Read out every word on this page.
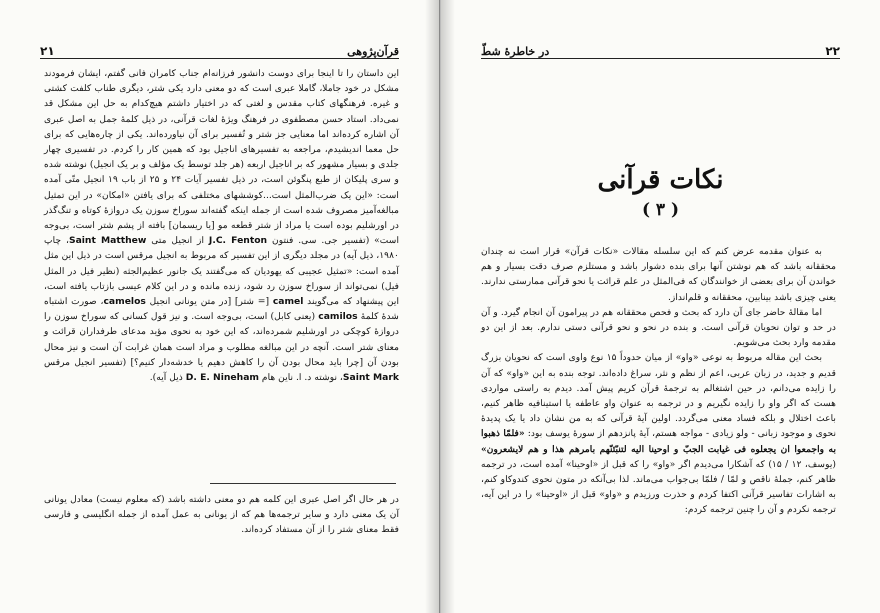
۲۱	قرآن‌پژوهی

این داستان را تا اینجا برای دوست دانشور فرزانه‌ام جناب کامران فانی گفتم، ایشان فرمودند مشکل در خود جاملا، گاملا عبری است که دو معنی دارد یکی شتر، دیگری طناب کلفت کشتی و غیره. فرهنگهای کتاب مقدس و لغتی که در اختیار داشتم هیچ‌کدام به حل این مشکل قد نمی‌داد. استاد حسن مصطفوی در فرهنگ ویژهٔ لغات قرآنی، در ذیل کلمهٔ جمل به اصل عبری آن اشاره کرده‌اند اما معنایی جز شتر و تُفسیر برای آن نیاورده‌اند. یکی از چاره‌هایی که برای حل معما اندیشیدم، مراجعه به تفسیرهای اناجیل بود که همین کار را کردم. در تفسیری چهار جلدی و بسیار مشهور که بر اناجیل اربعه (هر جلد توسط یک مؤلف و بر یک انجیل) نوشته شده و سری پلیکان از طبع پنگوئن است، در ذیل تفسیر آیات ۲۴ و ۲۵ از باب ۱۹ انجیل متّی آمده است: «این یک ضرب‌المثل است...کوششهای مختلفی که برای یافتن «امکان» در این تمثیل مبالغه‌آمیز مصروف شده است از جمله اینکه گفته‌اند سوراخ سوزن یک دروازهٔ کوتاه و تنگ‌گذر در اورشلیم بوده است یا مراد از شتر قطعه مو [یا ریسمان] بافته از پشم شتر است، بی‌وجه است» (تفسیر جی. سی. فنتون J.C. Fenton از انجیل متی Saint Matthew، چاپ ۱۹۸۰، ذیل آیه) در مجلد دیگری از این تفسیر که مربوط به انجیل مرقس است در ذیل این مثل آمده است: «تمثیل عجیبی که یهودیان که می‌گفتند یک جانور عظیم‌الجثه (نظیر فیل در المثل فیل) نمی‌تواند از سوراخ سوزن رد شود، زنده مانده و در این کلام عیسی بازتاب یافته است، این پیشنهاد که می‌گویند camel [= شتر] [در متن یونانی انجیل camelos، صورت اشتباه شدهٔ کلمهٔ camilos (یعنی کابل) است، بی‌وجه است. و نیز قول کسانی که سوراخ سوزن را دروازهٔ کوچکی در اورشلیم شمرده‌اند، که این خود به نحوی مؤید مدعای طرفداران قرائت و معنای شتر است. آنچه در این مبالغه مطلوب و مراد است همان غرابت آن است و نیز محال بودن آن [چرا باید محال بودن آن را کاهش دهیم یا خدشه‌دار کنیم؟] (تفسیر انجیل مرقس Saint Mark، نوشته د. ا. ناین هام D. E. Nineham ذیل آیه).

در هر حال اگر اصل عبری این کلمه هم دو معنی داشته باشد (که معلوم نیست) معادل یونانی آن یک معنی دارد و سایر ترجمه‌ها هم که از یونانی به عمل آمده از جمله انگلیسی و فارسی فقط معنای شتر را از آن مستفاد کرده‌اند.

در خاطرهٔ شطّ	۲۲
نکات قرآنی
( ۳ )

به عنوان مقدمه عرض کنم که این سلسله مقالات «نکات قرآن» قرار است نه چندان محققانه باشد که هم نوشتن آنها برای بنده دشوار باشد و مستلزم صرف دقت بسیار و هم خواندن آن برای بعضی از خوانندگان که فی‌المثل در علم قرائت یا نحو قرآنی ممارستی ندارند. یعنی چیزی باشد بینابین، محققانه و قلم‌انداز.

اما مقالهٔ حاضر جای آن دارد که بحث و فحص محققانه هم در پیرامون آن انجام گیرد. و آن در حد و توان نحویان قرآنی است. و بنده در نحو و نحو قرآنی دستی ندارم. بعد از این دو مقدمه وارد بحث می‌شویم.

بحث این مقاله مربوط به نوعی «واو» از میان حدوداً ۱۵ نوع واوی است که نحویان بزرگ قدیم و جدید، در زبان عربی، اعم از نظم و نثر، سراغ داده‌اند. توجه بنده به این «واو» که آن را زایده می‌دانم، در حین اشتغالم به ترجمهٔ قرآن کریم پیش آمد. دیدم به راستی مواردی هست که اگر واو را زایده نگیریم و در ترجمه به عنوان واو عاطفه یا استینافیه ظاهر کنیم، باعث اختلال و بلکه فساد معنی می‌گردد. اولین آیهٔ قرآنی که به من نشان داد یا یک پدیدهٔ نحوی و موجود زبانی - ولو زیادی - مواجه هستم، آیهٔ پانزدهم از سورهٔ یوسف بود: «فلمّا ذهبوا به واجمعوا ان یجعلوه فی غیابت الجبّ و اوحینا الیه لتنبّئنّهم بامرهم هذا و هم لایشعرون» (یوسف، ۱۲ / ۱۵) که آشکارا می‌دیدم اگر «واو» را که قبل از «اوحینا» آمده است، در ترجمه ظاهر کنم، جملهٔ ناقص و لمّا / فلمّا بی‌جواب می‌ماند. لذا بی‌آنکه در متون نحوی کندوکاو کنم، به اشارات تفاسیر قرآنی اکتفا کردم و حذرت ورزیدم و «واو» قبل از «اوحینا» را در این آیه، ترجمه نکردم و آن را چنین ترجمه کردم:
